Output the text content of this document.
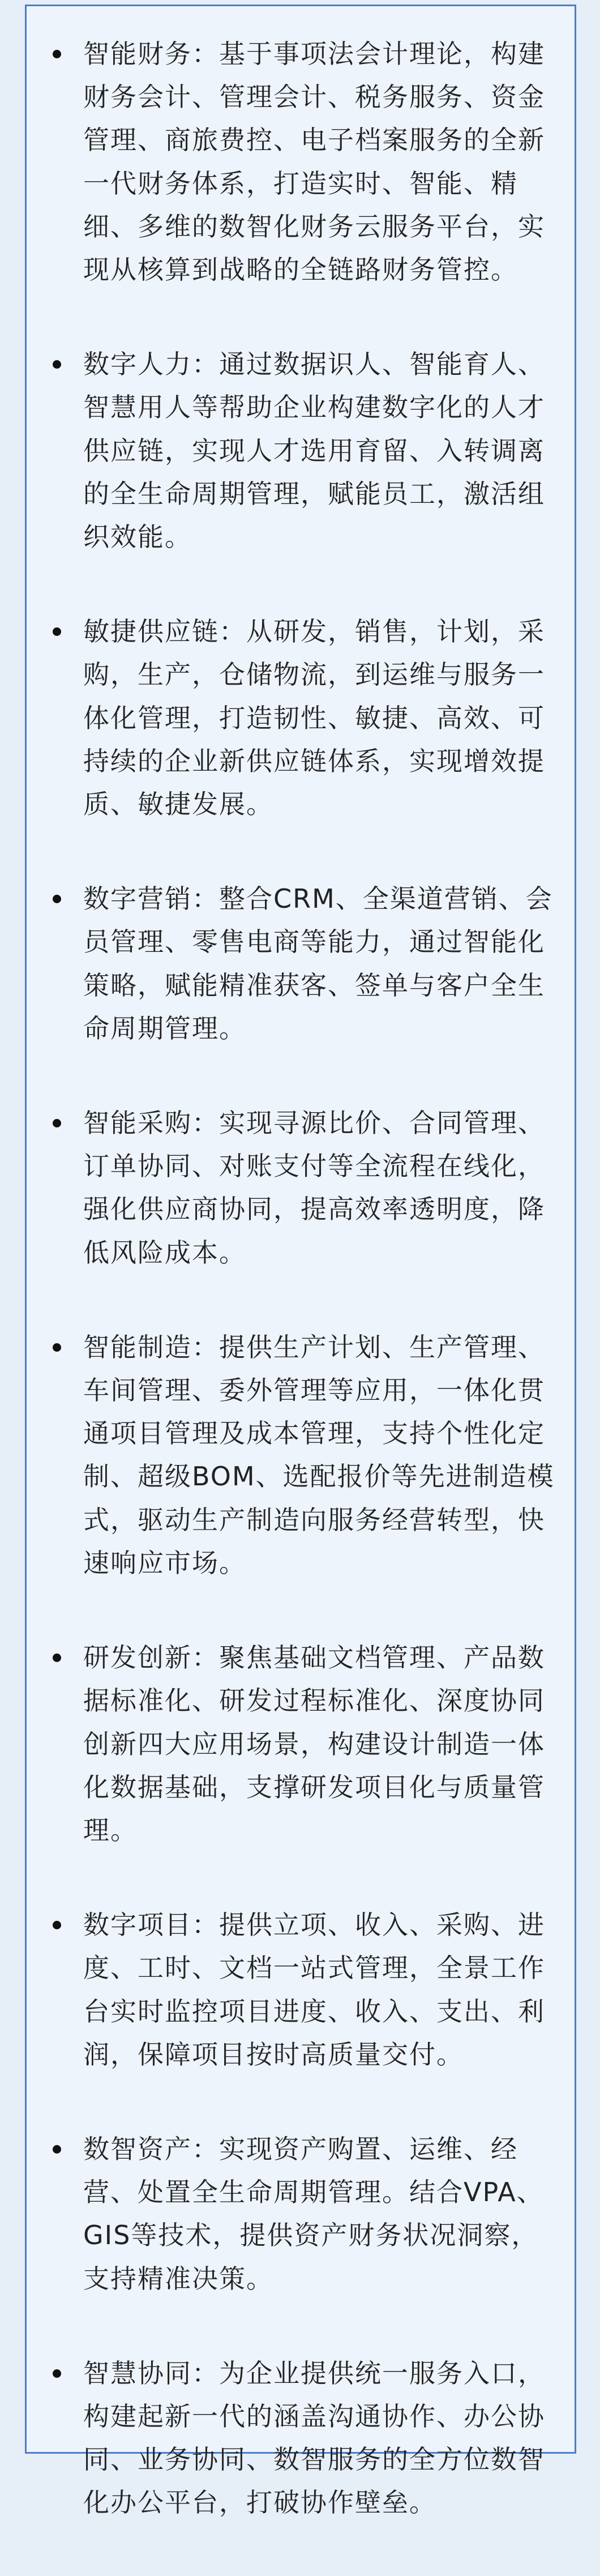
智能财务：基于事项法会计理论，构建财务会计、管理会计、税务服务、资金管理、商旅费控、电子档案服务的全新一代财务体系，打造实时、智能、精细、多维的数智化财务云服务平台，实现从核算到战略的全链路财务管控。
数字人力：通过数据识人、智能育人、智慧用人等帮助企业构建数字化的人才供应链，实现人才选用育留、入转调离的全生命周期管理，赋能员工，激活组织效能。
敏捷供应链：从研发，销售，计划，采购，生产，仓储物流，到运维与服务一体化管理，打造韧性、敏捷、高效、可持续的企业新供应链体系，实现增效提质、敏捷发展。
数字营销：整合CRM、全渠道营销、会员管理、零售电商等能力，通过智能化策略，赋能精准获客、签单与客户全生命周期管理。
智能采购：实现寻源比价、合同管理、订单协同、对账支付等全流程在线化，强化供应商协同，提高效率透明度，降低风险成本。
智能制造：提供生产计划、生产管理、车间管理、委外管理等应用，一体化贯通项目管理及成本管理，支持个性化定制、超级BOM、选配报价等先进制造模式，驱动生产制造向服务经营转型，快速响应市场。
研发创新：聚焦基础文档管理、产品数据标准化、研发过程标准化、深度协同创新四大应用场景，构建设计制造一体化数据基础，支撑研发项目化与质量管理。
数字项目：提供立项、收入、采购、进度、工时、文档一站式管理，全景工作台实时监控项目进度、收入、支出、利润，保障项目按时高质量交付。
数智资产：实现资产购置、运维、经营、处置全生命周期管理。结合VPA、GIS等技术，提供资产财务状况洞察，支持精准决策。
智慧协同：为企业提供统一服务入口，构建起新一代的涵盖沟通协作、办公协同、业务协同、数智服务的全方位数智化办公平台，打破协作壁垒。
